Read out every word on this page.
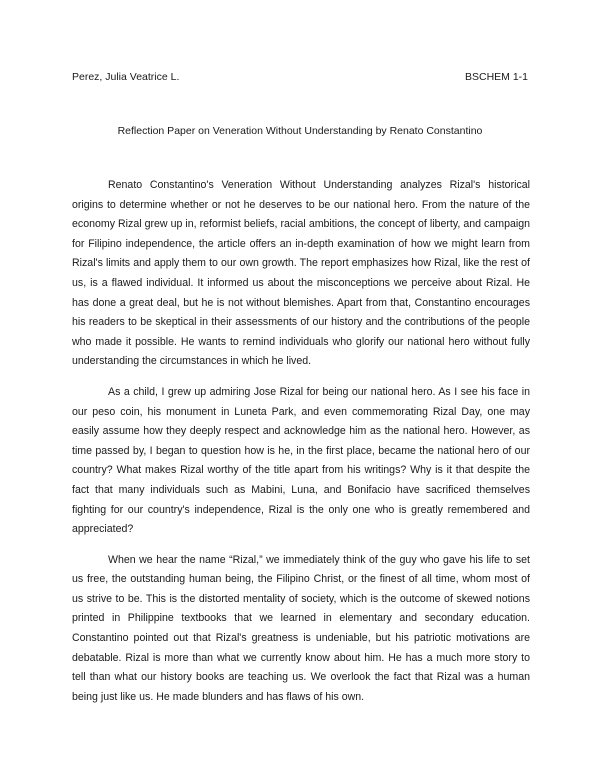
Perez, Julia Veatrice L.	BSCHEM 1-1
Reflection Paper on Veneration Without Understanding by Renato Constantino

Renato Constantino's Veneration Without Understanding analyzes Rizal's historical origins to determine whether or not he deserves to be our national hero. From the nature of the economy Rizal grew up in, reformist beliefs, racial ambitions, the concept of liberty, and campaign for Filipino independence, the article offers an in-depth examination of how we might learn from Rizal's limits and apply them to our own growth. The report emphasizes how Rizal, like the rest of us, is a flawed individual. It informed us about the misconceptions we perceive about Rizal. He has done a great deal, but he is not without blemishes. Apart from that, Constantino encourages his readers to be skeptical in their assessments of our history and the contributions of the people who made it possible. He wants to remind individuals who glorify our national hero without fully understanding the circumstances in which he lived.

As a child, I grew up admiring Jose Rizal for being our national hero. As I see his face in our peso coin, his monument in Luneta Park, and even commemorating Rizal Day, one may easily assume how they deeply respect and acknowledge him as the national hero. However, as time passed by, I began to question how is he, in the first place, became the national hero of our country? What makes Rizal worthy of the title apart from his writings? Why is it that despite the fact that many individuals such as Mabini, Luna, and Bonifacio have sacrificed themselves fighting for our country's independence, Rizal is the only one who is greatly remembered and appreciated?

When we hear the name “Rizal,” we immediately think of the guy who gave his life to set us free, the outstanding human being, the Filipino Christ, or the finest of all time, whom most of us strive to be. This is the distorted mentality of society, which is the outcome of skewed notions printed in Philippine textbooks that we learned in elementary and secondary education. Constantino pointed out that Rizal's greatness is undeniable, but his patriotic motivations are debatable. Rizal is more than what we currently know about him. He has a much more story to tell than what our history books are teaching us. We overlook the fact that Rizal was a human being just like us. He made blunders and has flaws of his own.
